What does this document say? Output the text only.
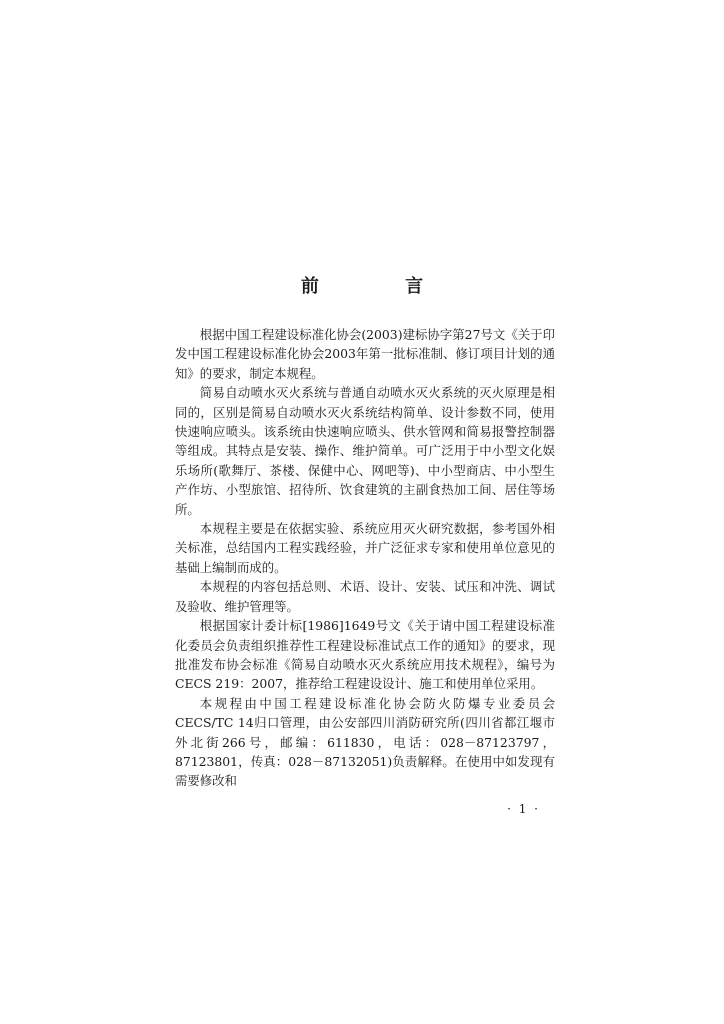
前 言

根据中国工程建设标准化协会(2003)建标协字第27号文《关于印发中国工程建设标准化协会2003年第一批标准制、修订项目计划的通知》的要求，制定本规程。

简易自动喷水灭火系统与普通自动喷水灭火系统的灭火原理是相同的，区别是简易自动喷水灭火系统结构简单、设计参数不同，使用快速响应喷头。该系统由快速响应喷头、供水管网和简易报警控制器等组成。其特点是安装、操作、维护简单。可广泛用于中小型文化娱乐场所(歌舞厅、茶楼、保健中心、网吧等)、中小型商店、中小型生产作坊、小型旅馆、招待所、饮食建筑的主副食热加工间、居住等场所。

本规程主要是在依据实验、系统应用灭火研究数据，参考国外相关标准，总结国内工程实践经验，并广泛征求专家和使用单位意见的基础上编制而成的。

本规程的内容包括总则、术语、设计、安装、试压和冲洗、调试及验收、维护管理等。

根据国家计委计标[1986]1649号文《关于请中国工程建设标准化委员会负责组织推荐性工程建设标准试点工作的通知》的要求，现批准发布协会标准《简易自动喷水灭火系统应用技术规程》，编号为CECS 219：2007，推荐给工程建设设计、施工和使用单位采用。

本规程由中国工程建设标准化协会防火防爆专业委员会CECS/TC 14归口管理，由公安部四川消防研究所(四川省都江堰市外北街266号，邮编：611830，电话：028－87123797，87123801，传真：028－87132051)负责解释。在使用中如发现有需要修改和

· 1 ·
